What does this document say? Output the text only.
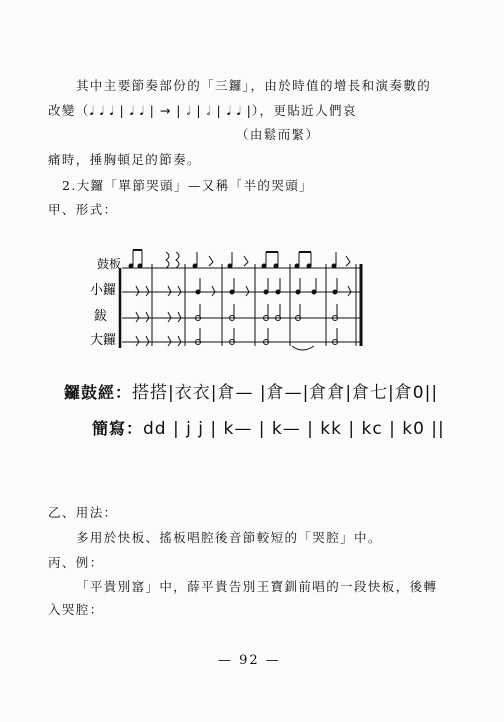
其中主要節奏部份的「三鑼」，由於時值的增長和演奏數的
改變（𝅘𝅥 𝅘𝅥 𝅘𝅥 | 𝅘𝅥 𝅘𝅥 | → | 𝅗𝅥 | 𝅗𝅥 | 𝅘𝅥 𝅘𝅥 |），更貼近人們哀
（由鬆而緊）
痛時，捶胸頓足的節奏。
2.大鑼「單節哭頭」—又稱「半的哭頭」
甲、形式：
鼓板
小鑼
鈸
大鑼
鑼鼓經：搭搭|衣衣|倉— |倉—|倉倉|倉七|倉0||
簡寫：dd | j j | k— | k— | kk | kc | k0 ||
乙、用法：
多用於快板、搖板唱腔後音節較短的「哭腔」中。
丙、例：
「平貴別窰」中，薛平貴告別王寶釧前唱的一段快板，後轉
入哭腔：
— 92 —
